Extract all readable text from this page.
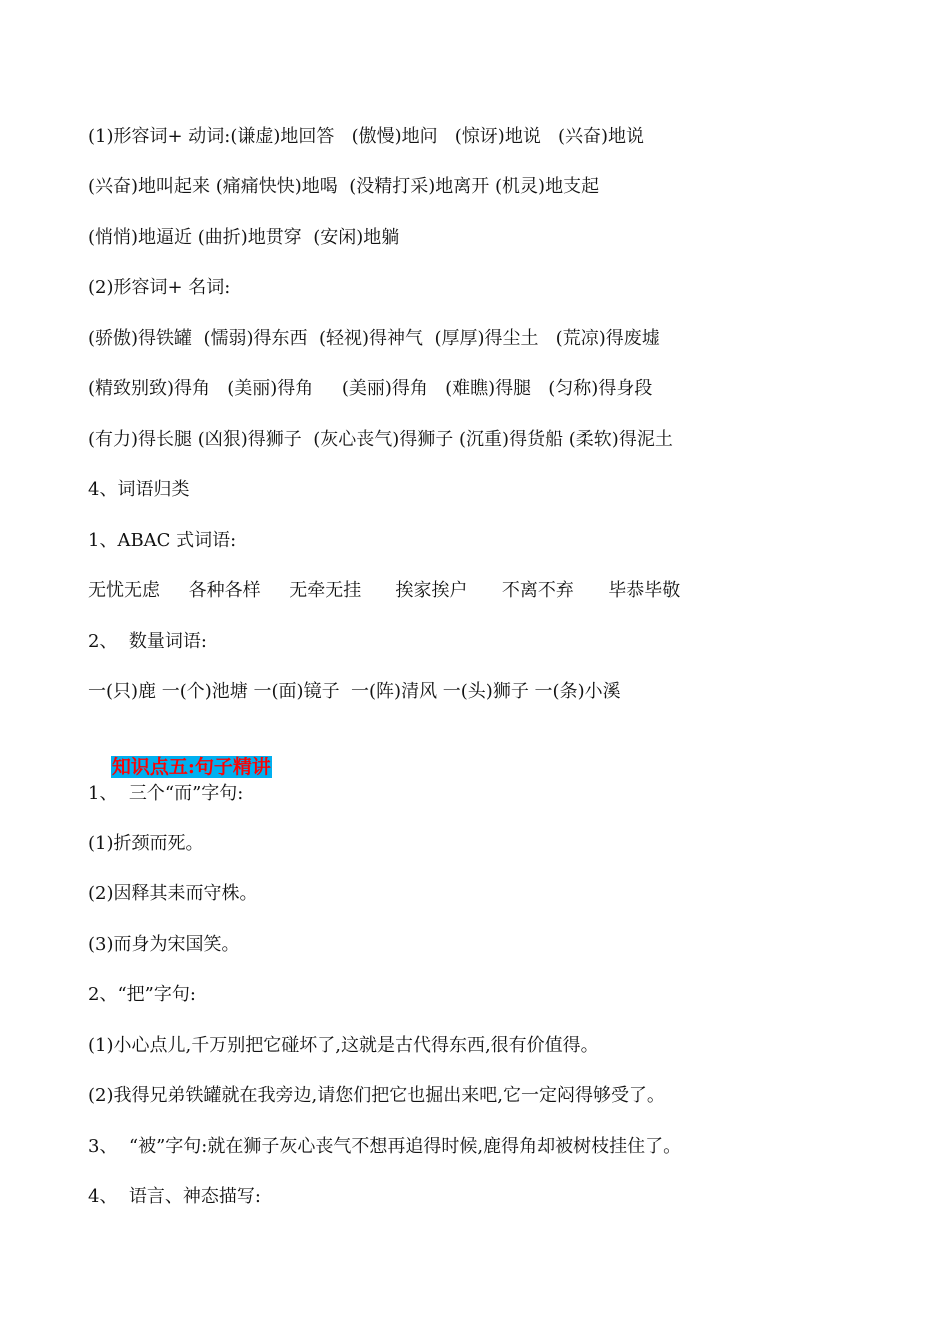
(1)形容词+ 动词:(谦虚)地回答   (傲慢)地问   (惊讶)地说   (兴奋)地说
(兴奋)地叫起来 (痛痛快快)地喝  (没精打采)地离开 (机灵)地支起
(悄悄)地逼近 (曲折)地贯穿  (安闲)地躺
(2)形容词+ 名词:
(骄傲)得铁罐  (懦弱)得东西  (轻视)得神气  (厚厚)得尘土   (荒凉)得废墟
(精致别致)得角   (美丽)得角     (美丽)得角   (难瞧)得腿   (匀称)得身段
(有力)得长腿 (凶狠)得狮子  (灰心丧气)得狮子 (沉重)得货船 (柔软)得泥土
4、词语归类
1、ABAC 式词语:
无忧无虑     各种各样     无牵无挂      挨家挨户      不离不弃      毕恭毕敬
2、  数量词语:
一(只)鹿 一(个)池塘 一(面)镜子  一(阵)清风 一(头)狮子 一(条)小溪

知识点五:句子精讲

1、  三个“而”字句:
(1)折颈而死。
(2)因释其耒而守株。
(3)而身为宋国笑。
2、“把”字句:
(1)小心点儿,千万别把它碰坏了,这就是古代得东西,很有价值得。
(2)我得兄弟铁罐就在我旁边,请您们把它也掘出来吧,它一定闷得够受了。
3、  “被”字句:就在狮子灰心丧气不想再追得时候,鹿得角却被树枝挂住了。
4、  语言、神态描写:
